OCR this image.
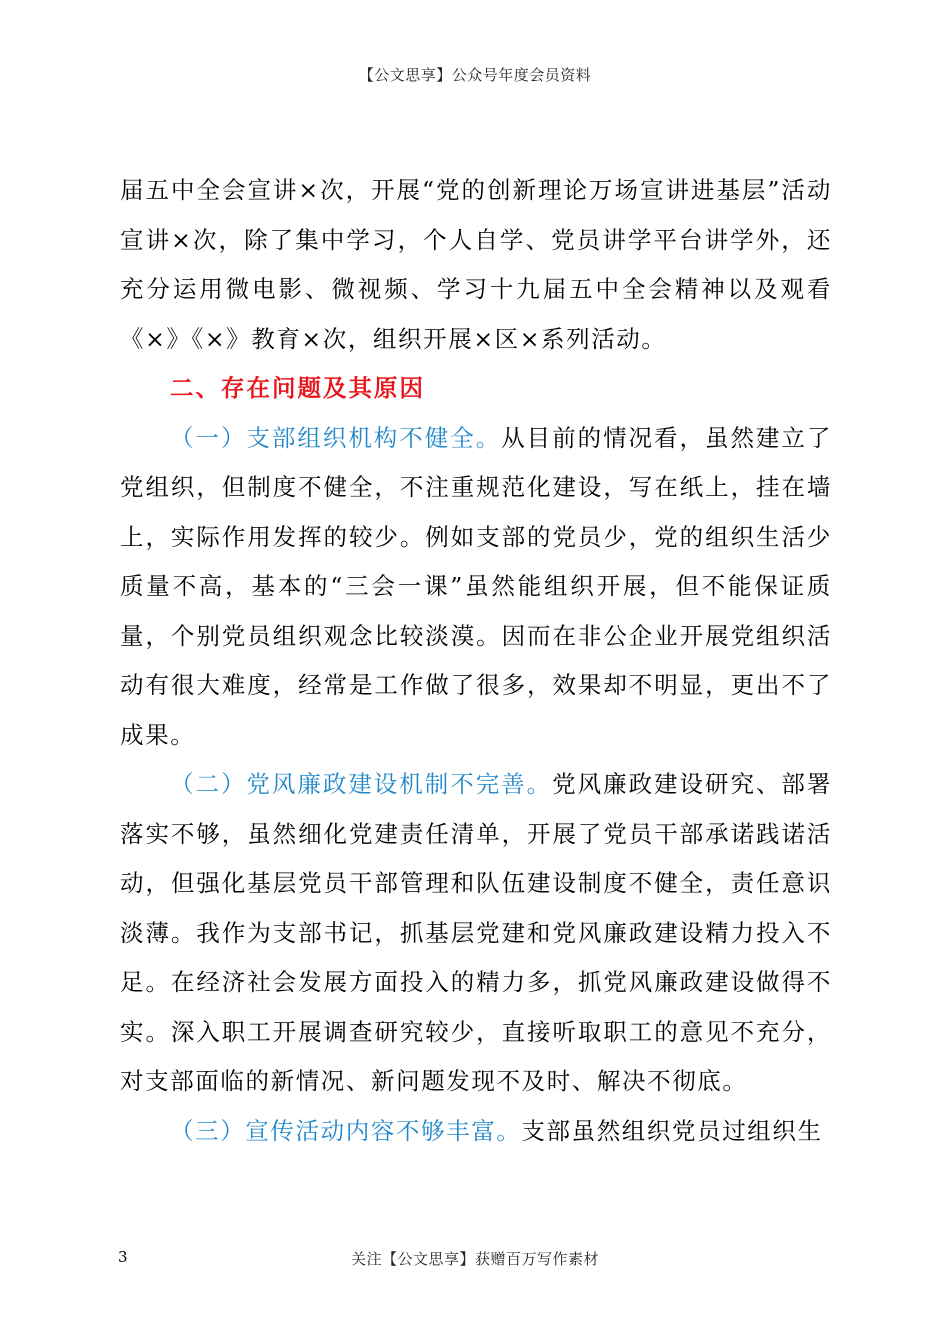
【公文思享】公众号年度会员资料

届五中全会宣讲×次，开展“党的创新理论万场宣讲进基层”活动宣讲×次，除了集中学习，个人自学、党员讲学平台讲学外，还充分运用微电影、微视频、学习十九届五中全会精神以及观看《×》《×》教育×次，组织开展×区×系列活动。

二、存在问题及其原因

（一）支部组织机构不健全。从目前的情况看，虽然建立了党组织，但制度不健全，不注重规范化建设，写在纸上，挂在墙上，实际作用发挥的较少。例如支部的党员少，党的组织生活少质量不高，基本的“三会一课”虽然能组织开展，但不能保证质量，个别党员组织观念比较淡漠。因而在非公企业开展党组织活动有很大难度，经常是工作做了很多，效果却不明显，更出不了成果。

（二）党风廉政建设机制不完善。党风廉政建设研究、部署落实不够，虽然细化党建责任清单，开展了党员干部承诺践诺活动，但强化基层党员干部管理和队伍建设制度不健全，责任意识淡薄。我作为支部书记，抓基层党建和党风廉政建设精力投入不足。在经济社会发展方面投入的精力多，抓党风廉政建设做得不实。深入职工开展调查研究较少，直接听取职工的意见不充分，对支部面临的新情况、新问题发现不及时、解决不彻底。

（三）宣传活动内容不够丰富。支部虽然组织党员过组织生

3	关注【公文思享】获赠百万写作素材
